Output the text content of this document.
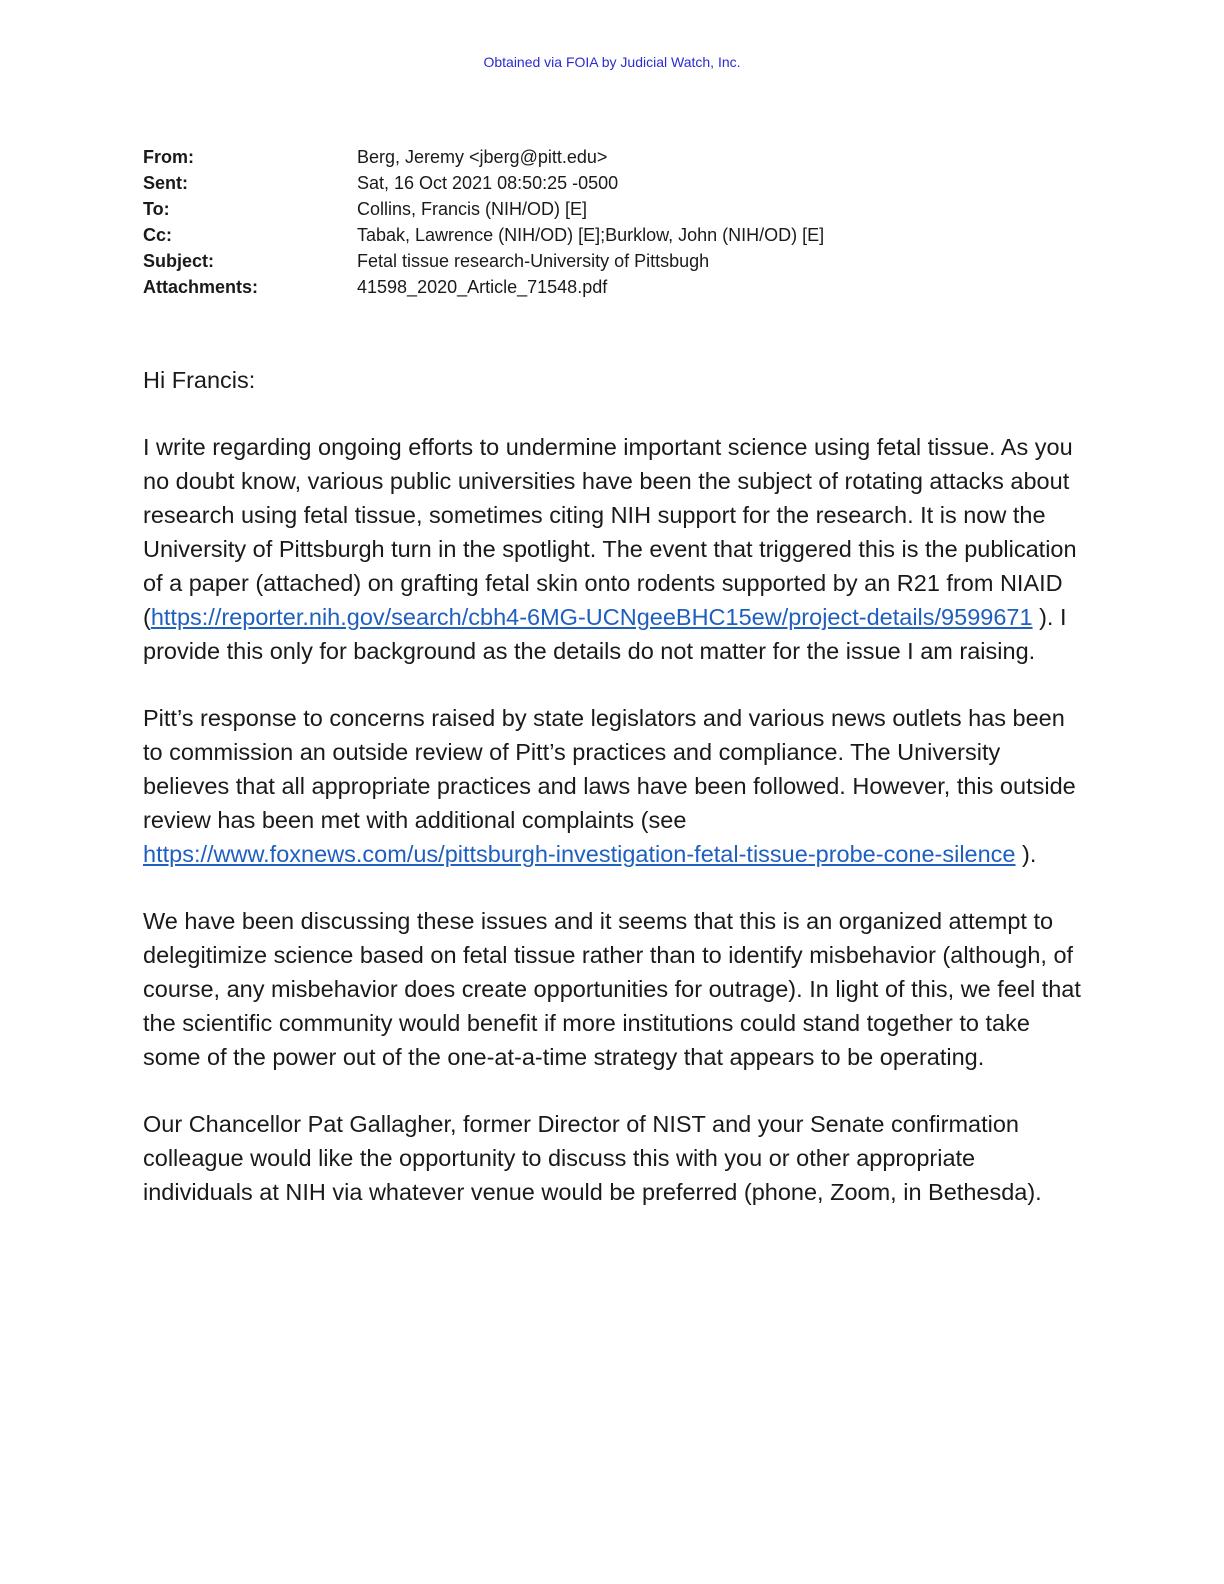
Obtained via FOIA by Judicial Watch, Inc.
From:	Berg, Jeremy <jberg@pitt.edu>
Sent:	Sat, 16 Oct 2021 08:50:25 -0500
To:	Collins, Francis (NIH/OD) [E]
Cc:	Tabak, Lawrence (NIH/OD) [E];Burklow, John (NIH/OD) [E]
Subject:	Fetal tissue research-University of Pittsbugh
Attachments:	41598_2020_Article_71548.pdf

Hi Francis:

I write regarding ongoing efforts to undermine important science using fetal tissue. As you no doubt know, various public universities have been the subject of rotating attacks about research using fetal tissue, sometimes citing NIH support for the research. It is now the University of Pittsburgh turn in the spotlight. The event that triggered this is the publication of a paper (attached) on grafting fetal skin onto rodents supported by an R21 from NIAID (https://reporter.nih.gov/search/cbh4-6MG-UCNgeeBHC15ew/project-details/9599671 ). I provide this only for background as the details do not matter for the issue I am raising.

Pitt’s response to concerns raised by state legislators and various news outlets has been to commission an outside review of Pitt’s practices and compliance. The University believes that all appropriate practices and laws have been followed. However, this outside review has been met with additional complaints (see https://www.foxnews.com/us/pittsburgh-investigation-fetal-tissue-probe-cone-silence ).

We have been discussing these issues and it seems that this is an organized attempt to delegitimize science based on fetal tissue rather than to identify misbehavior (although, of course, any misbehavior does create opportunities for outrage). In light of this, we feel that the scientific community would benefit if more institutions could stand together to take some of the power out of the one-at-a-time strategy that appears to be operating.

Our Chancellor Pat Gallagher, former Director of NIST and your Senate confirmation colleague would like the opportunity to discuss this with you or other appropriate individuals at NIH via whatever venue would be preferred (phone, Zoom, in Bethesda).
